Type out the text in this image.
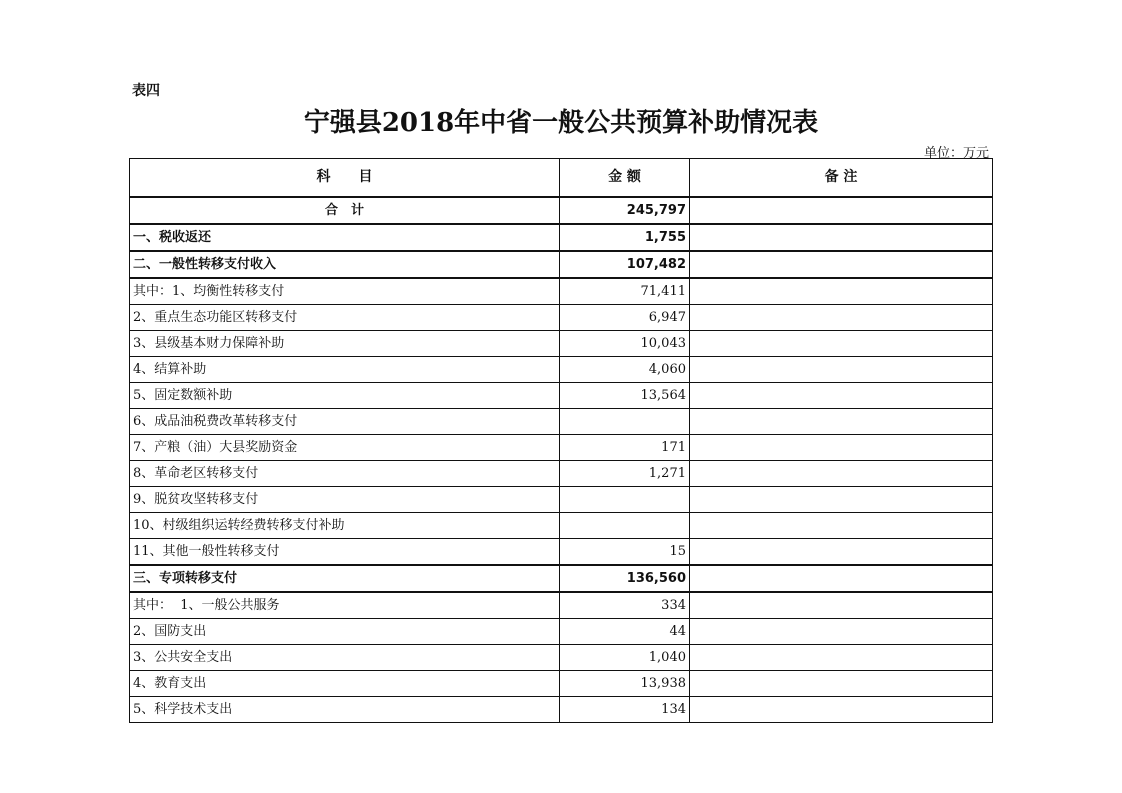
表四
宁强县2018年中省一般公共预算补助情况表
单位：万元
科　　目	金 额	备 注
合　计	245,797	
一、税收返还	1,755	
二、一般性转移支付收入	107,482	
其中：1、均衡性转移支付	71,411	
2、重点生态功能区转移支付	6,947	
3、县级基本财力保障补助	10,043	
4、结算补助	4,060	
5、固定数额补助	13,564	
6、成品油税费改革转移支付		
7、产粮（油）大县奖励资金	171	
8、革命老区转移支付	1,271	
9、脱贫攻坚转移支付		
10、村级组织运转经费转移支付补助		
11、其他一般性转移支付	15	
三、专项转移支付	136,560	
其中：  1、一般公共服务	334	
2、国防支出	44	
3、公共安全支出	1,040	
4、教育支出	13,938	
5、科学技术支出	134	
